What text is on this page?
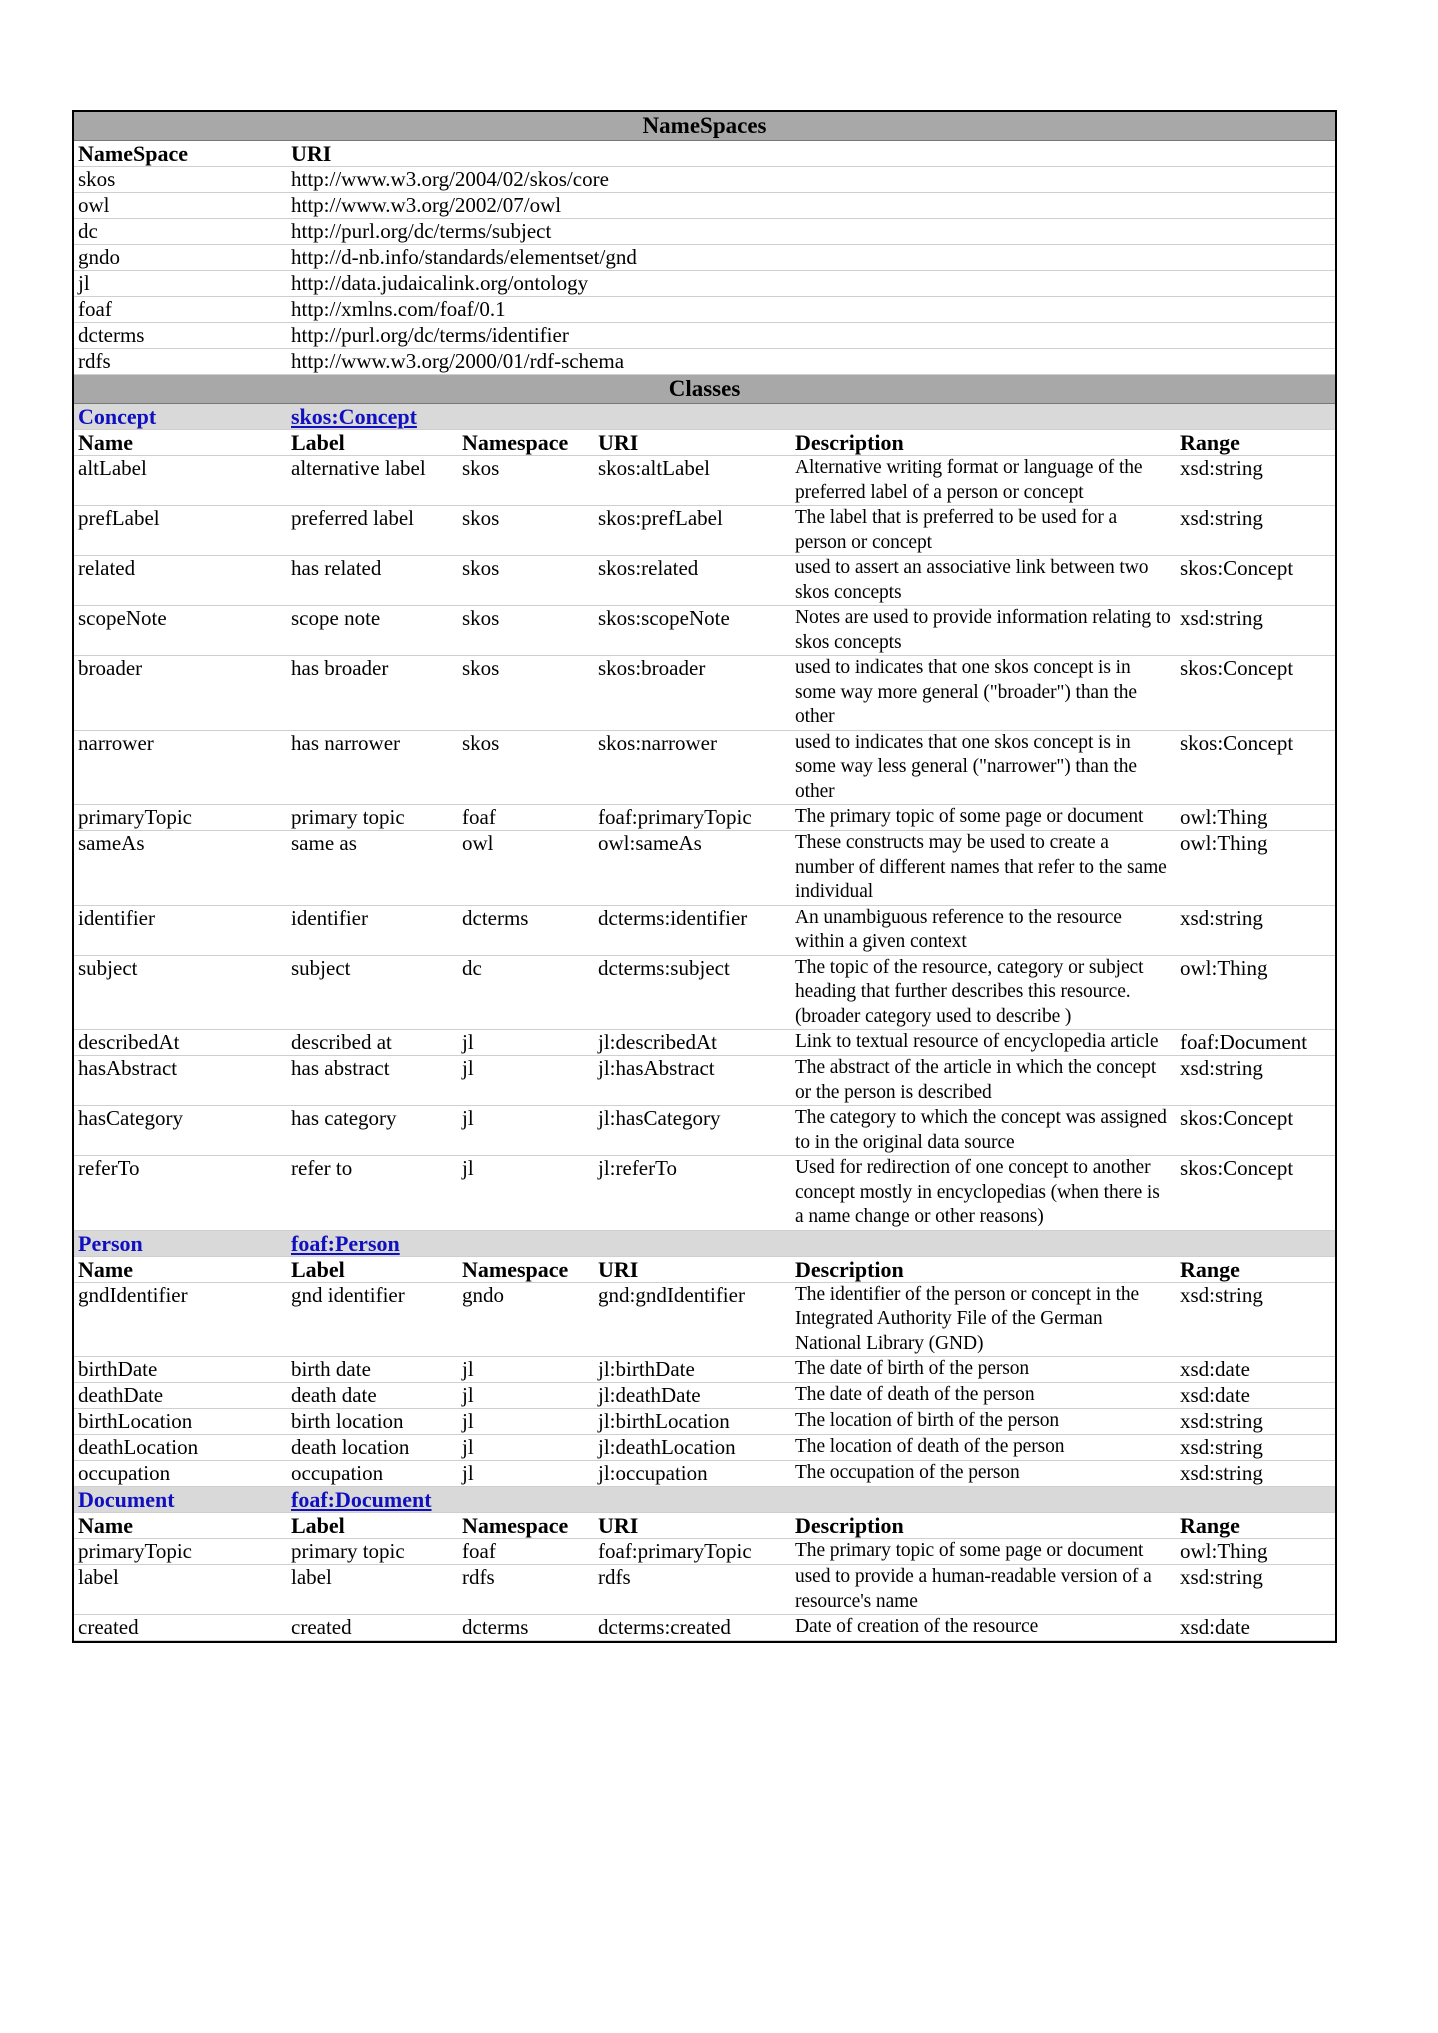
NameSpaces					
NameSpace	URI				
skos	http://www.w3.org/2004/02/skos/core				
owl	http://www.w3.org/2002/07/owl				
dc	http://purl.org/dc/terms/subject				
gndo	http://d-nb.info/standards/elementset/gnd				
jl	http://data.judaicalink.org/ontology				
foaf	http://xmlns.com/foaf/0.1				
dcterms	http://purl.org/dc/terms/identifier				
rdfs	http://www.w3.org/2000/01/rdf-schema				
Classes					
Concept	skos:Concept				
Name	Label	Namespace	URI	Description	Range
altLabel	alternative label	skos	skos:altLabel	Alternative writing format or language of the preferred label of a person or concept	xsd:string
prefLabel	preferred label	skos	skos:prefLabel	The label that is preferred to be used for a person or concept	xsd:string
related	has related	skos	skos:related	used to assert an associative link between two skos concepts	skos:Concept
scopeNote	scope note	skos	skos:scopeNote	Notes are used to provide information relating to skos concepts	xsd:string
broader	has broader	skos	skos:broader	used to indicates that one skos concept is in some way more general ("broader") than the other	skos:Concept
narrower	has narrower	skos	skos:narrower	used to indicates that one skos concept is in some way less general ("narrower") than the other	skos:Concept
primaryTopic	primary topic	foaf	foaf:primaryTopic	The primary topic of some page or document	owl:Thing
sameAs	same as	owl	owl:sameAs	These constructs may be used to create a number of different names that refer to the same individual	owl:Thing
identifier	identifier	dcterms	dcterms:identifier	An unambiguous reference to the resource within a given context	xsd:string
subject	subject	dc	dcterms:subject	The topic of the resource, category or subject heading that further describes this resource. (broader category used to describe )	owl:Thing
describedAt	described at	jl	jl:describedAt	Link to textual resource of encyclopedia article	foaf:Document
hasAbstract	has abstract	jl	jl:hasAbstract	The abstract of the article in which the concept or the person is described	xsd:string
hasCategory	has category	jl	jl:hasCategory	The category to which the concept was assigned to in the original data source	skos:Concept
referTo	refer to	jl	jl:referTo	Used for redirection of one concept to another concept mostly in encyclopedias (when there is a name change or other reasons)	skos:Concept
Person	foaf:Person				
Name	Label	Namespace	URI	Description	Range
gndIdentifier	gnd identifier	gndo	gnd:gndIdentifier	The identifier of the person or concept in the Integrated Authority File of the German National Library (GND)	xsd:string
birthDate	birth date	jl	jl:birthDate	The date of birth of the person	xsd:date
deathDate	death date	jl	jl:deathDate	The date of death of the person	xsd:date
birthLocation	birth location	jl	jl:birthLocation	The location of birth of the person	xsd:string
deathLocation	death location	jl	jl:deathLocation	The location of death of the person	xsd:string
occupation	occupation	jl	jl:occupation	The occupation of the person	xsd:string
Document	foaf:Document				
Name	Label	Namespace	URI	Description	Range
primaryTopic	primary topic	foaf	foaf:primaryTopic	The primary topic of some page or document	owl:Thing
label	label	rdfs	rdfs	used to provide a human-readable version of a resource's name	xsd:string
created	created	dcterms	dcterms:created	Date of creation of the resource	xsd:date
